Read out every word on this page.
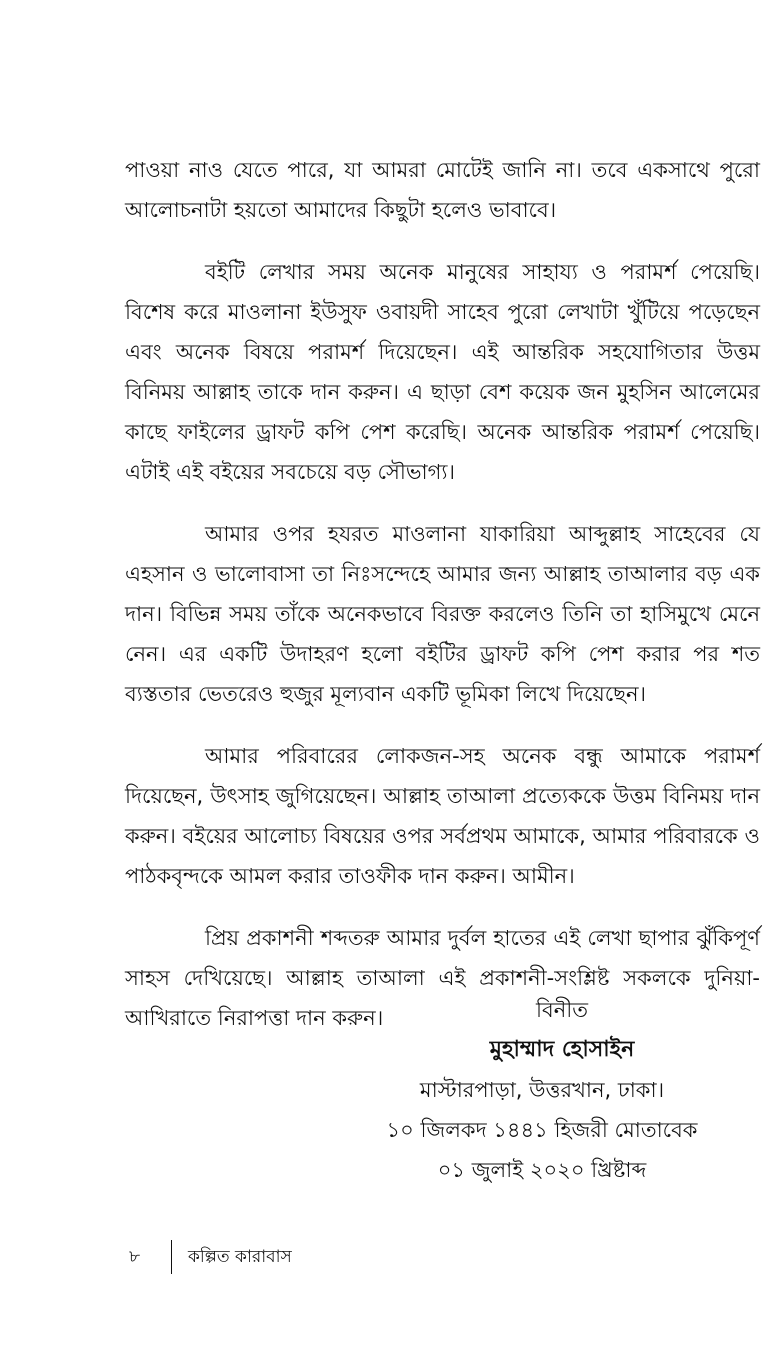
পাওয়া নাও যেতে পারে, যা আমরা মোটেই জানি না। তবে একসাথে পুরো আলোচনাটা হয়তো আমাদের কিছুটা হলেও ভাবাবে।

বইটি লেখার সময় অনেক মানুষের সাহায্য ও পরামর্শ পেয়েছি। বিশেষ করে মাওলানা ইউসুফ ওবায়দী সাহেব পুরো লেখাটা খুঁটিয়ে পড়েছেন এবং অনেক বিষয়ে পরামর্শ দিয়েছেন। এই আন্তরিক সহযোগিতার উত্তম বিনিময় আল্লাহ তাকে দান করুন। এ ছাড়া বেশ কয়েক জন মুহসিন আলেমের কাছে ফাইলের ড্রাফট কপি পেশ করেছি। অনেক আন্তরিক পরামর্শ পেয়েছি। এটাই এই বইয়ের সবচেয়ে বড় সৌভাগ্য।

আমার ওপর হযরত মাওলানা যাকারিয়া আব্দুল্লাহ সাহেবের যে এহসান ও ভালোবাসা তা নিঃসন্দেহে আমার জন্য আল্লাহ তাআলার বড় এক দান। বিভিন্ন সময় তাঁকে অনেকভাবে বিরক্ত করলেও তিনি তা হাসিমুখে মেনে নেন। এর একটি উদাহরণ হলো বইটির ড্রাফট কপি পেশ করার পর শত ব্যস্ততার ভেতরেও হুজুর মূল্যবান একটি ভূমিকা লিখে দিয়েছেন।

আমার পরিবারের লোকজন-সহ অনেক বন্ধু আমাকে পরামর্শ দিয়েছেন, উৎসাহ জুগিয়েছেন। আল্লাহ তাআলা প্রত্যেককে উত্তম বিনিময় দান করুন। বইয়ের আলোচ্য বিষয়ের ওপর সর্বপ্রথম আমাকে, আমার পরিবারকে ও পাঠকবৃন্দকে আমল করার তাওফীক দান করুন। আমীন।

প্রিয় প্রকাশনী শব্দতরু আমার দুর্বল হাতের এই লেখা ছাপার ঝুঁকিপূর্ণ সাহস দেখিয়েছে। আল্লাহ তাআলা এই প্রকাশনী-সংশ্লিষ্ট সকলকে দুনিয়া-আখিরাতে নিরাপত্তা দান করুন।	বিনীত
মুহাম্মাদ হোসাইন
মাস্টারপাড়া, উত্তরখান, ঢাকা।
১০ জিলকদ ১৪৪১ হিজরী মোতাবেক
০১ জুলাই ২০২০ খ্রিষ্টাব্দ
৮	কল্পিত কারাবাস
